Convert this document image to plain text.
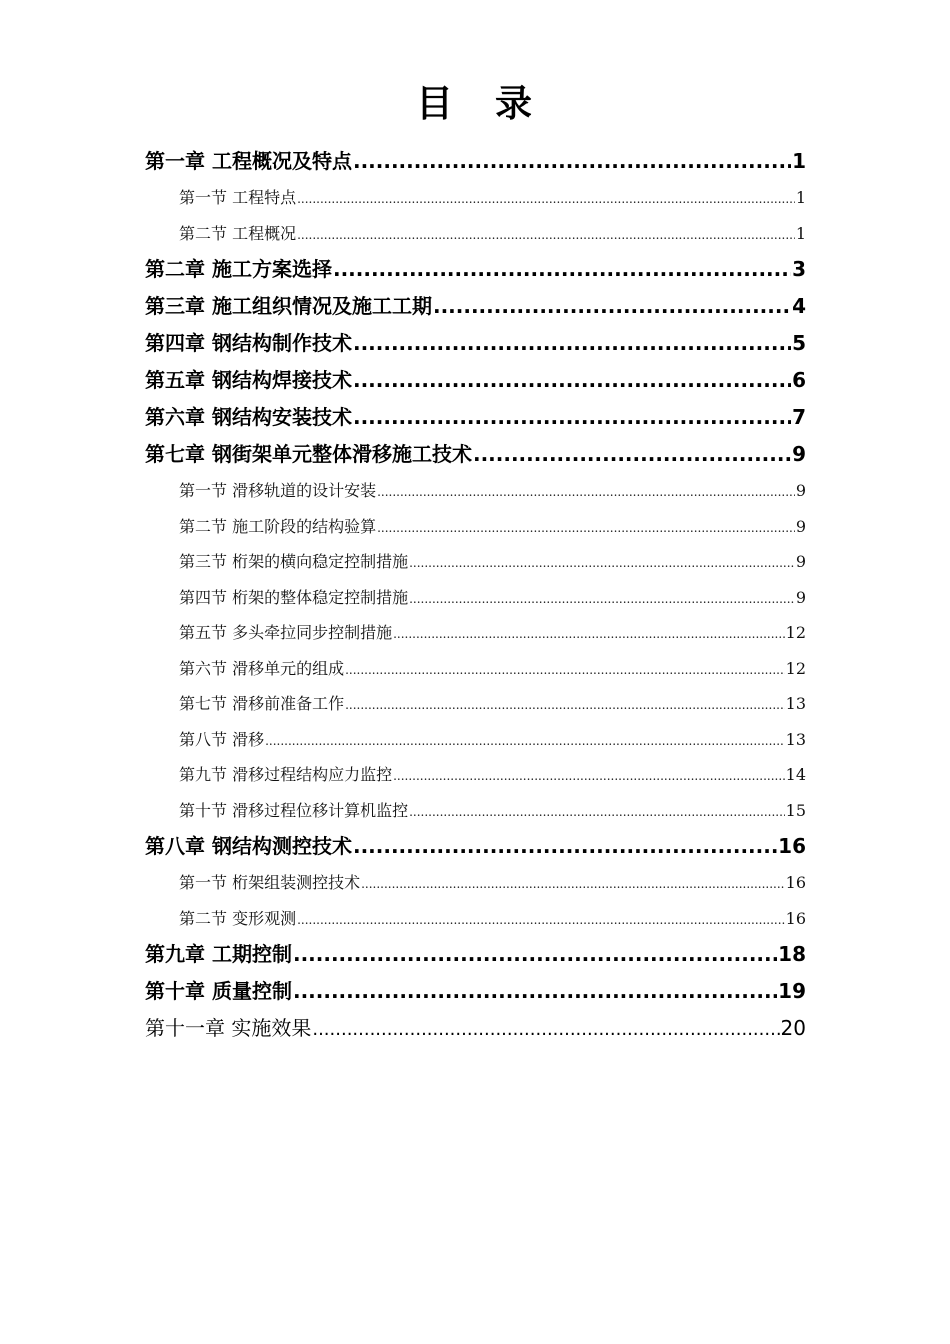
目 录
第一章 工程概况及特点 .....	1
第一节 工程特点 .....	1
第二节 工程概况 .....	1
第二章 施工方案选择 .....	3
第三章 施工组织情况及施工工期 .....	4
第四章 钢结构制作技术 .....	5
第五章 钢结构焊接技术 .....	6
第六章 钢结构安装技术 .....	7
第七章 钢街架单元整体滑移施工技术 .....	9
第一节 滑移轨道的设计安装 .....	9
第二节 施工阶段的结构验算 .....	9
第三节 桁架的横向稳定控制措施 .....	9
第四节 桁架的整体稳定控制措施 .....	9
第五节 多头牵拉同步控制措施 .....	12
第六节 滑移单元的组成 .....	12
第七节 滑移前准备工作 .....	13
第八节 滑移 .....	13
第九节 滑移过程结构应力监控 .....	14
第十节 滑移过程位移计算机监控 .....	15
第八章 钢结构测控技术 .....	16
第一节 桁架组装测控技术 .....	16
第二节 变形观测 .....	16
第九章 工期控制 .....	18
第十章 质量控制 .....	19
第十一章 实施效果 .....	20
